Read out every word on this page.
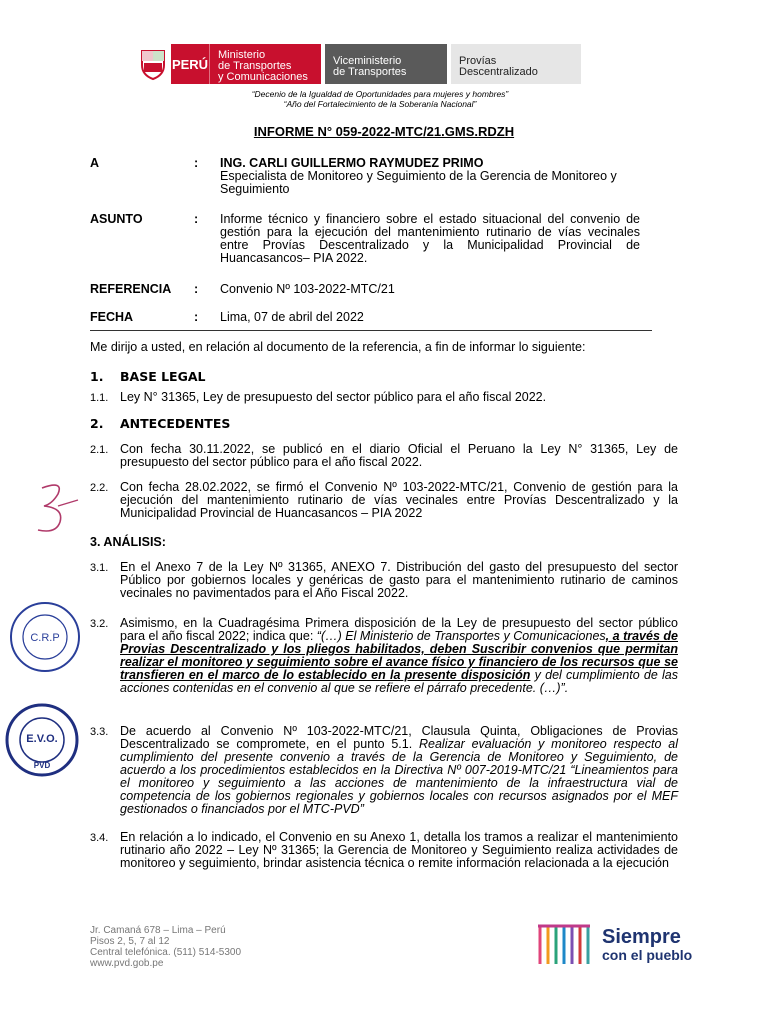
PERÚ
Ministerio
de Transportes
y Comunicaciones
Viceministerio
de Transportes
Provías
Descentralizado
“Decenio de la Igualdad de Oportunidades para mujeres y hombres”
“Año del Fortalecimiento de la Soberanía Nacional”
INFORME N° 059-2022-MTC/21.GMS.RDZH
A	:	ING. CARLI GUILLERMO RAYMUDEZ PRIMO
Especialista de Monitoreo y Seguimiento de la Gerencia de Monitoreo y Seguimiento
ASUNTO	:	Informe técnico y financiero sobre el estado situacional del convenio de gestión para la ejecución del mantenimiento rutinario de vías vecinales entre Provías Descentralizado y la Municipalidad Provincial de Huancasancos– PIA 2022.
REFERENCIA	:	Convenio Nº 103-2022-MTC/21
FECHA	:	Lima, 07 de abril del 2022
Me dirijo a usted, en relación al documento de la referencia, a fin de informar lo siguiente:
1. BASE LEGAL
1.1. Ley N° 31365, Ley de presupuesto del sector público para el año fiscal 2022.
2. ANTECEDENTES
2.1. Con fecha 30.11.2022, se publicó en el diario Oficial el Peruano la Ley N° 31365, Ley de presupuesto del sector público para el año fiscal 2022.
2.2. Con fecha 28.02.2022, se firmó el Convenio Nº 103-2022-MTC/21, Convenio de gestión para la ejecución del mantenimiento rutinario de vías vecinales entre Provías Descentralizado y la Municipalidad Provincial de Huancasancos – PIA 2022
3. ANÁLISIS:
3.1. En el Anexo 7 de la Ley Nº 31365, ANEXO 7. Distribución del gasto del presupuesto del sector Público por gobiernos locales y genéricas de gasto para el mantenimiento rutinario de caminos vecinales no pavimentados para el Año Fiscal 2022.
3.2. Asimismo, en la Cuadragésima Primera disposición de la Ley de presupuesto del sector público para el año fiscal 2022; indica que: “(…) El Ministerio de Transportes y Comunicaciones, a través de Provias Descentralizado y los pliegos habilitados, deben Suscribir convenios que permitan realizar el monitoreo y seguimiento sobre el avance físico y financiero de los recursos que se transfieren en el marco de lo establecido en la presente disposición y del cumplimiento de las acciones contenidas en el convenio al que se refiere el párrafo precedente. (…)”.
3.3. De acuerdo al Convenio Nº 103-2022-MTC/21, Clausula Quinta, Obligaciones de Provias Descentralizado se compromete, en el punto 5.1. Realizar evaluación y monitoreo respecto al cumplimiento del presente convenio a través de la Gerencia de Monitoreo y Seguimiento, de acuerdo a los procedimientos establecidos en la Directiva Nº 007-2019-MTC/21 “Lineamientos para el monitoreo y seguimiento a las acciones de mantenimiento de la infraestructura vial de competencia de los gobiernos regionales y gobiernos locales con recursos asignados por el MEF gestionados o financiados por el MTC-PVD”
3.4. En relación a lo indicado, el Convenio en su Anexo 1, detalla los tramos a realizar el mantenimiento rutinario año 2022 – Ley Nº 31365; la Gerencia de Monitoreo y Seguimiento realiza actividades de monitoreo y seguimiento, brindar asistencia técnica o remite información relacionada a la ejecución
C.R.P
E.V.O.
PVD
Jr. Camaná 678 – Lima – Perú
Pisos 2, 5, 7 al 12
Central telefónica. (511) 514-5300
www.pvd.gob.pe
Siempre
con el pueblo
